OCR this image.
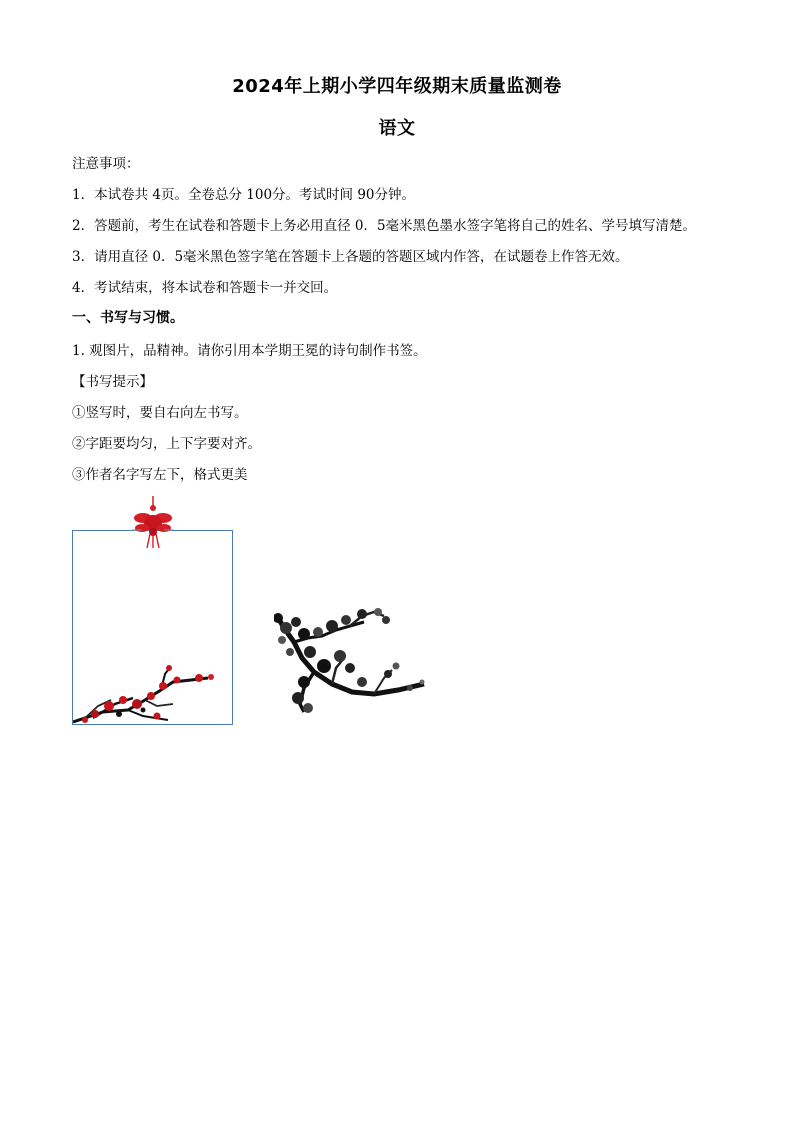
2024年上期小学四年级期末质量监测卷
语文
注意事项：
1．本试卷共 4页。全卷总分 100分。考试时间 90分钟。
2．答题前，考生在试卷和答题卡上务必用直径 0．5毫米黑色墨水签字笔将自己的姓名、学号填写清楚。
3．请用直径 0．5毫米黑色签字笔在答题卡上各题的答题区域内作答，在试题卷上作答无效。
4．考试结束，将本试卷和答题卡一并交回。
一、书写与习惯。
1. 观图片，品精神。请你引用本学期王冕的诗句制作书签。
【书写提示】
①竖写时，要自右向左书写。
②字距要均匀，上下字要对齐。
③作者名字写左下，格式更美
